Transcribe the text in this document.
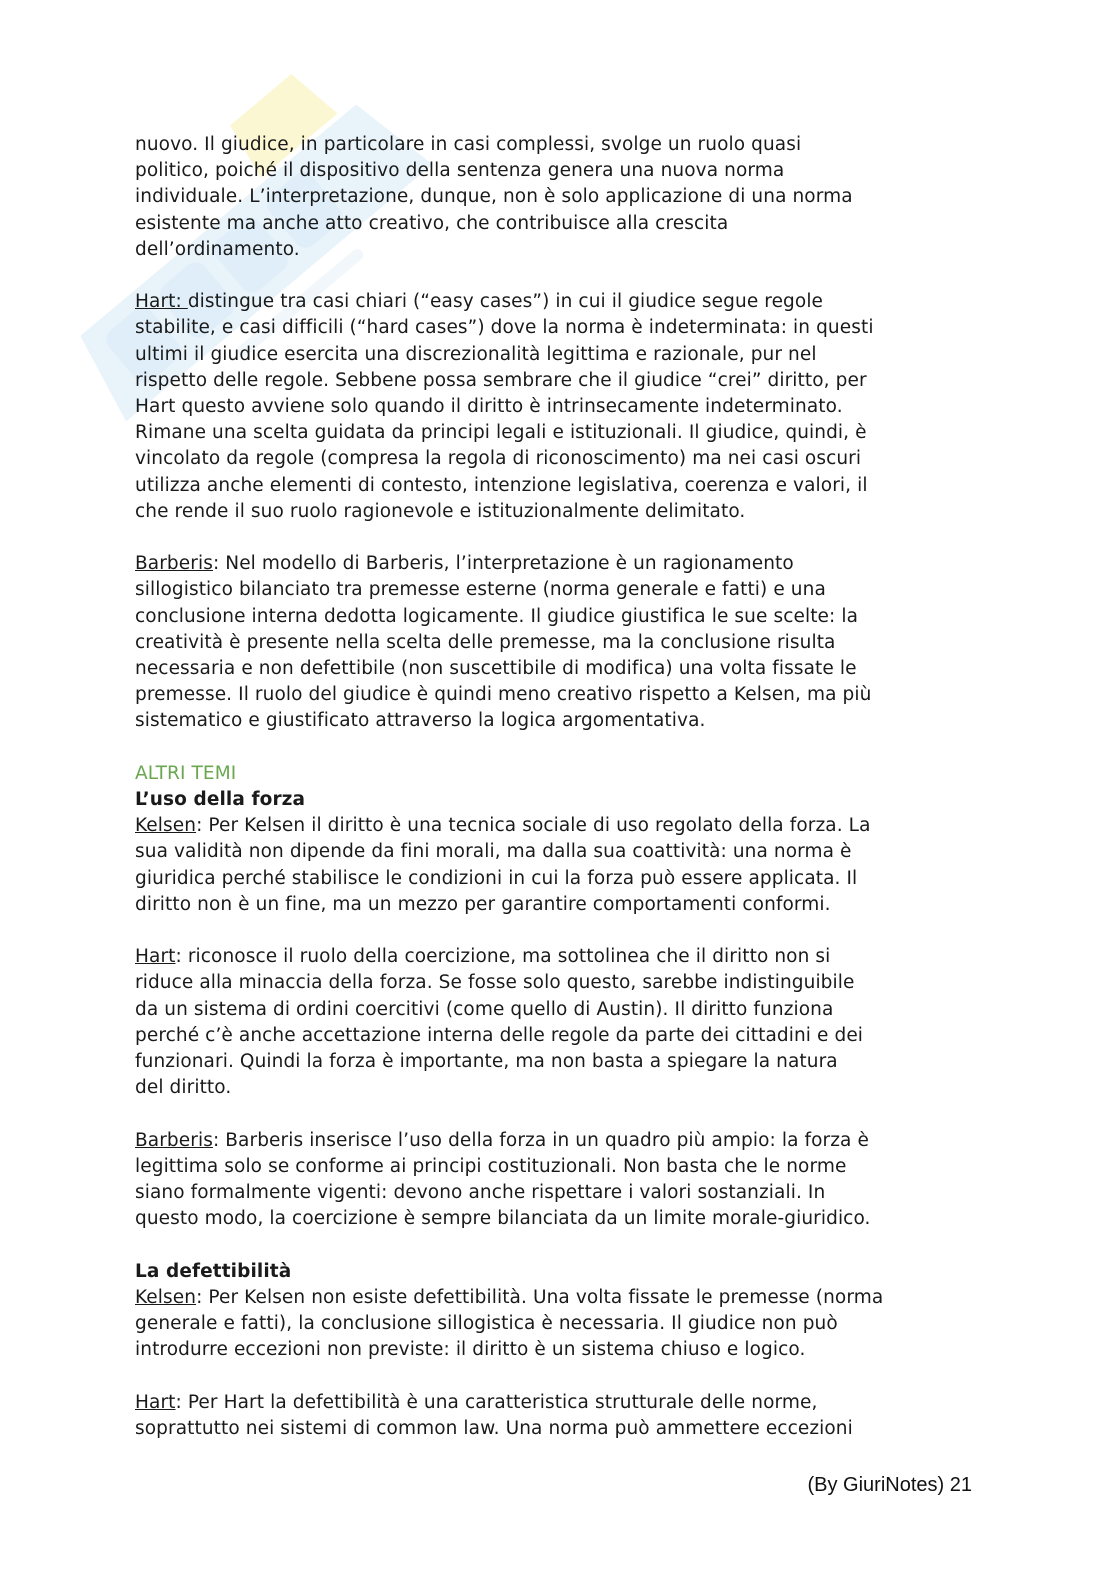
nuovo. Il giudice, in particolare in casi complessi, svolge un ruolo quasi
politico, poiché il dispositivo della sentenza genera una nuova norma
individuale. L’interpretazione, dunque, non è solo applicazione di una norma
esistente ma anche atto creativo, che contribuisce alla crescita
dell’ordinamento.
Hart: distingue tra casi chiari (“easy cases”) in cui il giudice segue regole
stabilite, e casi difficili (“hard cases”) dove la norma è indeterminata: in questi
ultimi il giudice esercita una discrezionalità legittima e razionale, pur nel
rispetto delle regole. Sebbene possa sembrare che il giudice “crei” diritto, per
Hart questo avviene solo quando il diritto è intrinsecamente indeterminato.
Rimane una scelta guidata da principi legali e istituzionali. Il giudice, quindi, è
vincolato da regole (compresa la regola di riconoscimento) ma nei casi oscuri
utilizza anche elementi di contesto, intenzione legislativa, coerenza e valori, il
che rende il suo ruolo ragionevole e istituzionalmente delimitato.
Barberis: Nel modello di Barberis, l’interpretazione è un ragionamento
sillogistico bilanciato tra premesse esterne (norma generale e fatti) e una
conclusione interna dedotta logicamente. Il giudice giustifica le sue scelte: la
creatività è presente nella scelta delle premesse, ma la conclusione risulta
necessaria e non defettibile (non suscettibile di modifica) una volta fissate le
premesse. Il ruolo del giudice è quindi meno creativo rispetto a Kelsen, ma più
sistematico e giustificato attraverso la logica argomentativa.
ALTRI TEMI
L’uso della forza
Kelsen: Per Kelsen il diritto è una tecnica sociale di uso regolato della forza. La
sua validità non dipende da fini morali, ma dalla sua coattività: una norma è
giuridica perché stabilisce le condizioni in cui la forza può essere applicata. Il
diritto non è un fine, ma un mezzo per garantire comportamenti conformi.
Hart: riconosce il ruolo della coercizione, ma sottolinea che il diritto non si
riduce alla minaccia della forza. Se fosse solo questo, sarebbe indistinguibile
da un sistema di ordini coercitivi (come quello di Austin). Il diritto funziona
perché c’è anche accettazione interna delle regole da parte dei cittadini e dei
funzionari. Quindi la forza è importante, ma non basta a spiegare la natura
del diritto.
Barberis: Barberis inserisce l’uso della forza in un quadro più ampio: la forza è
legittima solo se conforme ai principi costituzionali. Non basta che le norme
siano formalmente vigenti: devono anche rispettare i valori sostanziali. In
questo modo, la coercizione è sempre bilanciata da un limite morale-giuridico.
La defettibilità
Kelsen: Per Kelsen non esiste defettibilità. Una volta fissate le premesse (norma
generale e fatti), la conclusione sillogistica è necessaria. Il giudice non può
introdurre eccezioni non previste: il diritto è un sistema chiuso e logico.
Hart: Per Hart la defettibilità è una caratteristica strutturale delle norme,
soprattutto nei sistemi di common law. Una norma può ammettere eccezioni
(By GiuriNotes) 21
